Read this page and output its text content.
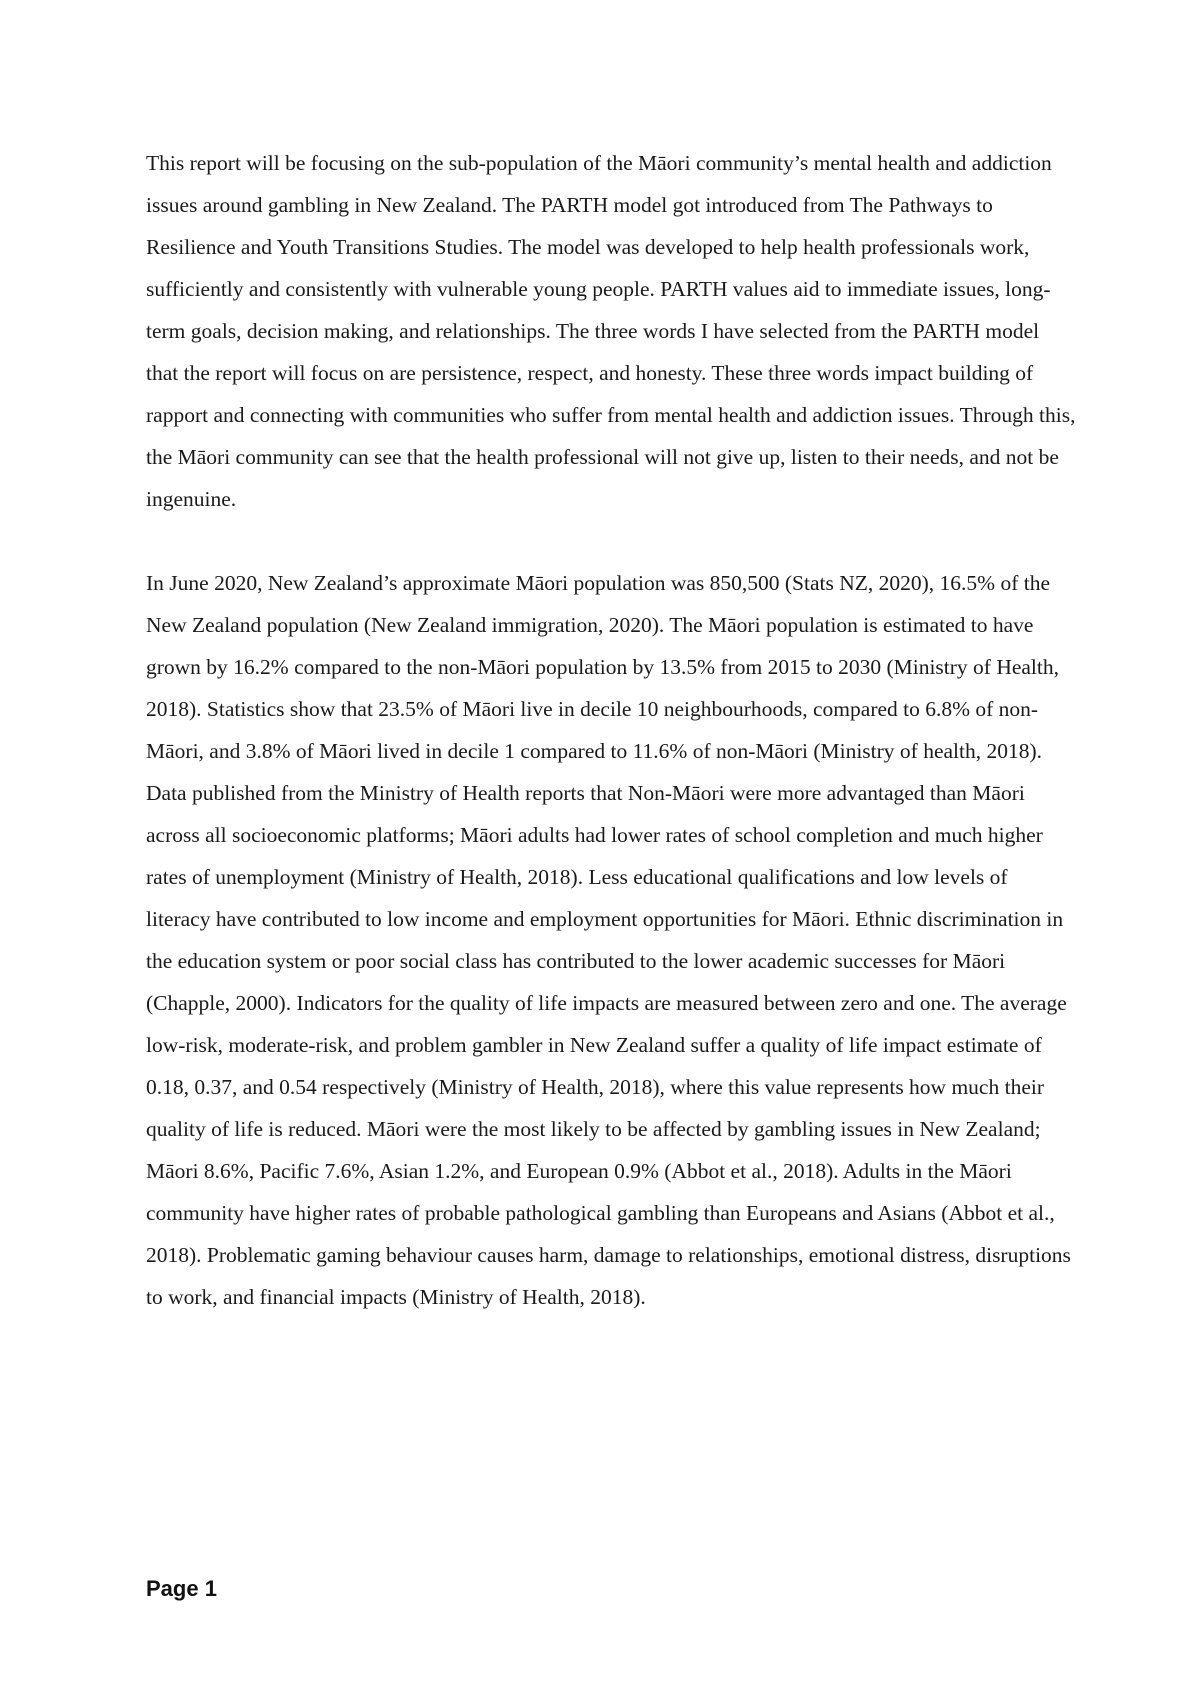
This report will be focusing on the sub-population of the Māori community’s mental health and addiction issues around gambling in New Zealand. The PARTH model got introduced from The Pathways to Resilience and Youth Transitions Studies. The model was developed to help health professionals work, sufficiently and consistently with vulnerable young people. PARTH values aid to immediate issues, long-term goals, decision making, and relationships. The three words I have selected from the PARTH model that the report will focus on are persistence, respect, and honesty. These three words impact building of rapport and connecting with communities who suffer from mental health and addiction issues. Through this, the Māori community can see that the health professional will not give up, listen to their needs, and not be ingenuine.

In June 2020, New Zealand’s approximate Māori population was 850,500 (Stats NZ, 2020), 16.5% of the New Zealand population (New Zealand immigration, 2020). The Māori population is estimated to have grown by 16.2% compared to the non-Māori population by 13.5% from 2015 to 2030 (Ministry of Health, 2018). Statistics show that 23.5% of Māori live in decile 10 neighbourhoods, compared to 6.8% of non-Māori, and 3.8% of Māori lived in decile 1 compared to 11.6% of non-Māori (Ministry of health, 2018). Data published from the Ministry of Health reports that Non-Māori were more advantaged than Māori across all socioeconomic platforms; Māori adults had lower rates of school completion and much higher rates of unemployment (Ministry of Health, 2018). Less educational qualifications and low levels of literacy have contributed to low income and employment opportunities for Māori. Ethnic discrimination in the education system or poor social class has contributed to the lower academic successes for Māori (Chapple, 2000). Indicators for the quality of life impacts are measured between zero and one. The average low-risk, moderate-risk, and problem gambler in New Zealand suffer a quality of life impact estimate of 0.18, 0.37, and 0.54 respectively (Ministry of Health, 2018), where this value represents how much their quality of life is reduced. Māori were the most likely to be affected by gambling issues in New Zealand; Māori 8.6%, Pacific 7.6%, Asian 1.2%, and European 0.9% (Abbot et al., 2018). Adults in the Māori community have higher rates of probable pathological gambling than Europeans and Asians (Abbot et al., 2018). Problematic gaming behaviour causes harm, damage to relationships, emotional distress, disruptions to work, and financial impacts (Ministry of Health, 2018).

Page 1
